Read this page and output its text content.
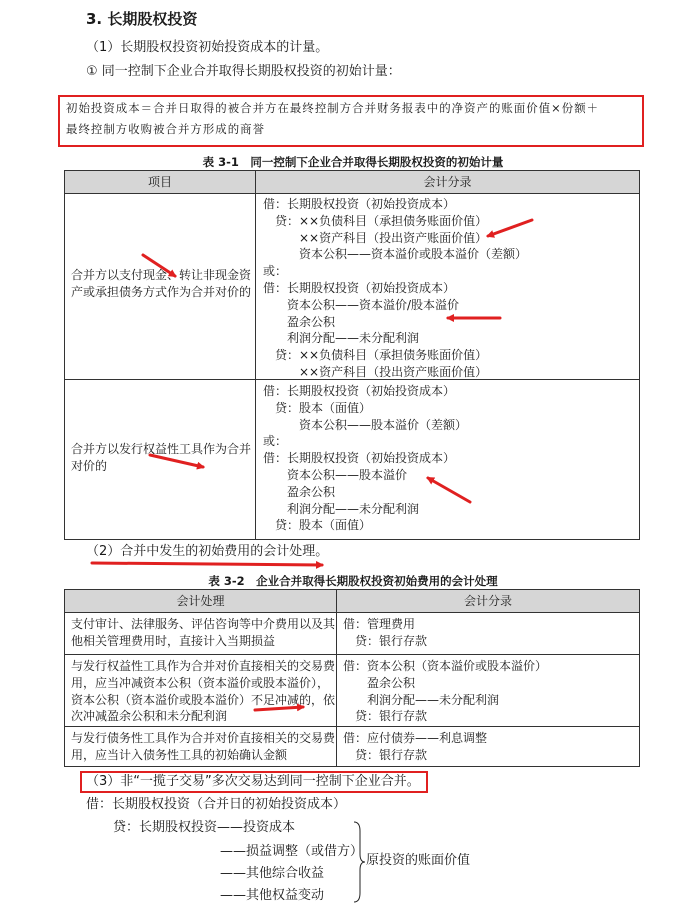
3. 长期股权投资
（1）长期股权投资初始投资成本的计量。
① 同一控制下企业合并取得长期股权投资的初始计量：
初始投资成本＝合并日取得的被合并方在最终控制方合并财务报表中的净资产的账面价值×份额＋
最终控制方收购被合并方形成的商誉
表 3-1　同一控制下企业合并取得长期股权投资的初始计量
项目	会计分录
合并方以支付现金、转让非现金资
产或承担债务方式作为合并对价的
借：长期股权投资（初始投资成本）
　贷：××负债科目（承担债务账面价值）
　　　××资产科目（投出资产账面价值）
　　　资本公积——资本溢价或股本溢价（差额）
或：
借：长期股权投资（初始投资成本）
　　资本公积——资本溢价/股本溢价
　　盈余公积
　　利润分配——未分配利润
　贷：××负债科目（承担债务账面价值）
　　　××资产科目（投出资产账面价值）
合并方以发行权益性工具作为合并
对价的
借：长期股权投资（初始投资成本）
　贷：股本（面值）
　　　资本公积——股本溢价（差额）
或：
借：长期股权投资（初始投资成本）
　　资本公积——股本溢价
　　盈余公积
　　利润分配——未分配利润
　贷：股本（面值）
（2）合并中发生的初始费用的会计处理。
表 3-2　企业合并取得长期股权投资初始费用的会计处理
会计处理	会计分录
支付审计、法律服务、评估咨询等中介费用以及其
他相关管理费用时，直接计入当期损益
借：管理费用
　贷：银行存款
与发行权益性工具作为合并对价直接相关的交易费
用，应当冲减资本公积（资本溢价或股本溢价），
资本公积（资本溢价或股本溢价）不足冲减的，依
次冲减盈余公积和未分配利润
借：资本公积（资本溢价或股本溢价）
　　盈余公积
　　利润分配——未分配利润
　贷：银行存款
与发行债务性工具作为合并对价直接相关的交易费
用，应当计入债务性工具的初始确认金额
借：应付债券——利息调整
　贷：银行存款
（3）非“一揽子交易”多次交易达到同一控制下企业合并。
借：长期股权投资（合并日的初始投资成本）
贷：长期股权投资——投资成本
——损益调整（或借方）
——其他综合收益
——其他权益变动
原投资的账面价值
